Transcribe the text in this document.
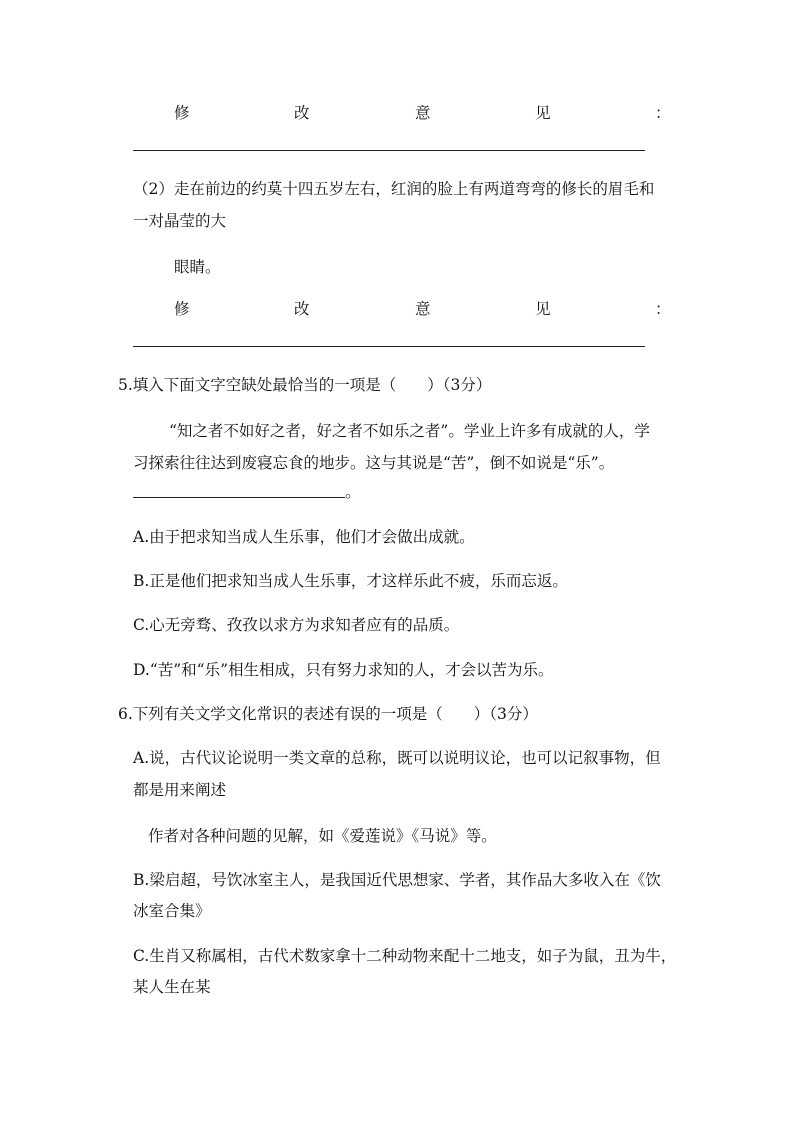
修	改	意	见	：
（2）走在前边的约莫十四五岁左右，红润的脸上有两道弯弯的修长的眉毛和
一对晶莹的大
眼睛。
修	改	意	见	：
5.填入下面文字空缺处最恰当的一项是（　　）（3分）
“知之者不如好之者，好之者不如乐之者”。学业上许多有成就的人，学
习探索往往达到废寝忘食的地步。这与其说是“苦”，倒不如说是“乐”。
。
A.由于把求知当成人生乐事，他们才会做出成就。
B.正是他们把求知当成人生乐事，才这样乐此不疲，乐而忘返。
C.心无旁骛、孜孜以求方为求知者应有的品质。
D.“苦”和“乐”相生相成，只有努力求知的人，才会以苦为乐。
6.下列有关文学文化常识的表述有误的一项是（　　）（3分）
A.说，古代议论说明一类文章的总称，既可以说明议论，也可以记叙事物，但
都是用来阐述
作者对各种问题的见解，如《爱莲说》《马说》等。
B.梁启超，号饮冰室主人，是我国近代思想家、学者，其作品大多收入在《饮
冰室合集》
C.生肖又称属相，古代术数家拿十二种动物来配十二地支，如子为鼠，丑为牛，
某人生在某
